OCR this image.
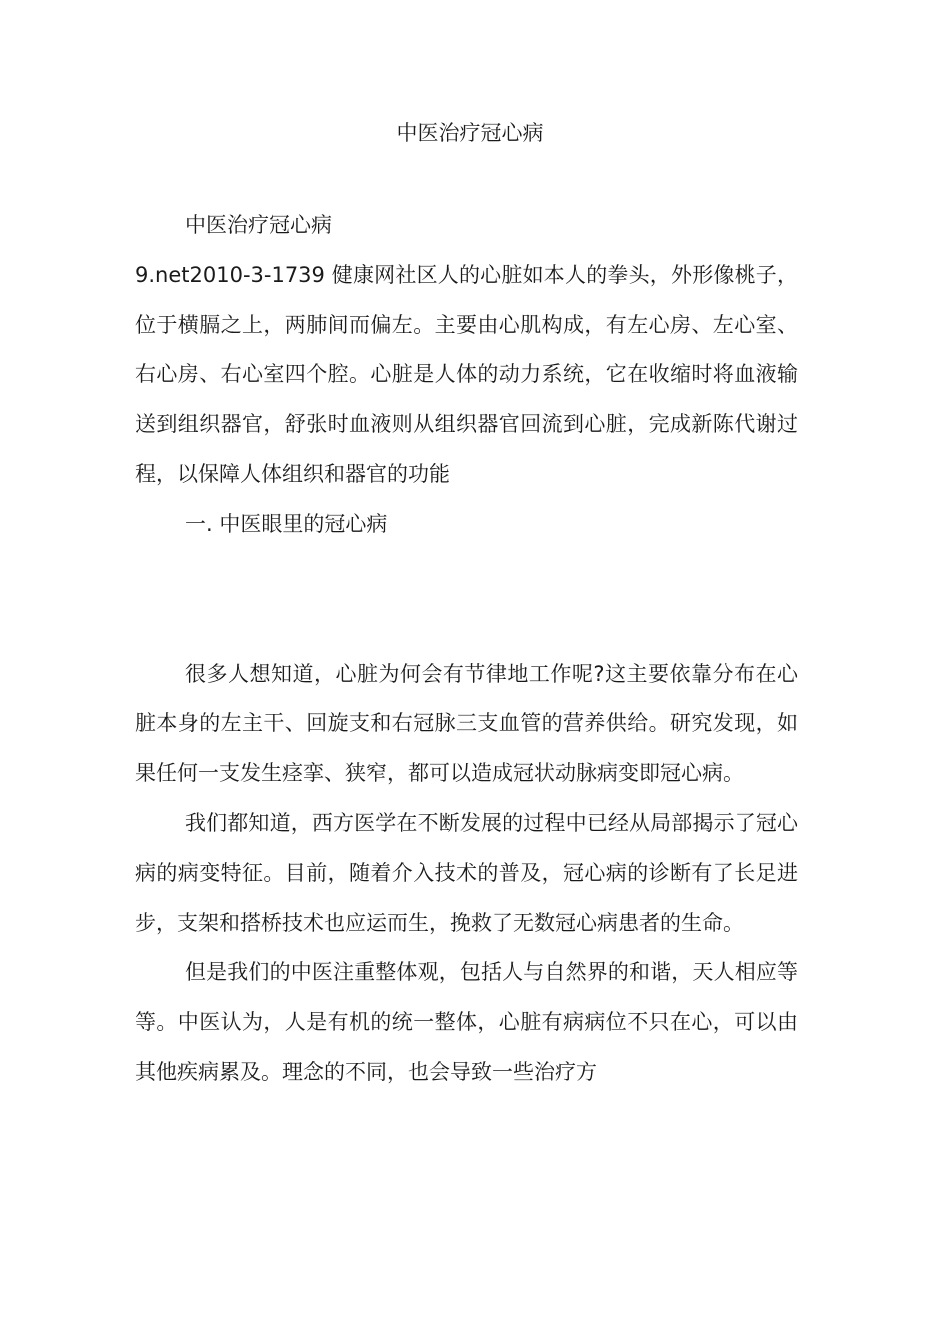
中医治疗冠心病

中医治疗冠心病

9.net2010-3-1739 健康网社区人的心脏如本人的拳头，外形像桃子，位于横膈之上，两肺间而偏左。主要由心肌构成，有左心房、左心室、右心房、右心室四个腔。心脏是人体的动力系统，它在收缩时将血液输送到组织器官，舒张时血液则从组织器官回流到心脏，完成新陈代谢过程，以保障人体组织和器官的功能

一. 中医眼里的冠心病

很多人想知道，心脏为何会有节律地工作呢?这主要依靠分布在心脏本身的左主干、回旋支和右冠脉三支血管的营养供给。研究发现，如果任何一支发生痉挛、狭窄，都可以造成冠状动脉病变即冠心病。

我们都知道，西方医学在不断发展的过程中已经从局部揭示了冠心病的病变特征。目前，随着介入技术的普及，冠心病的诊断有了长足进步，支架和搭桥技术也应运而生，挽救了无数冠心病患者的生命。

但是我们的中医注重整体观，包括人与自然界的和谐，天人相应等等。中医认为，人是有机的统一整体，心脏有病病位不只在心，可以由其他疾病累及。理念的不同，也会导致一些治疗方
